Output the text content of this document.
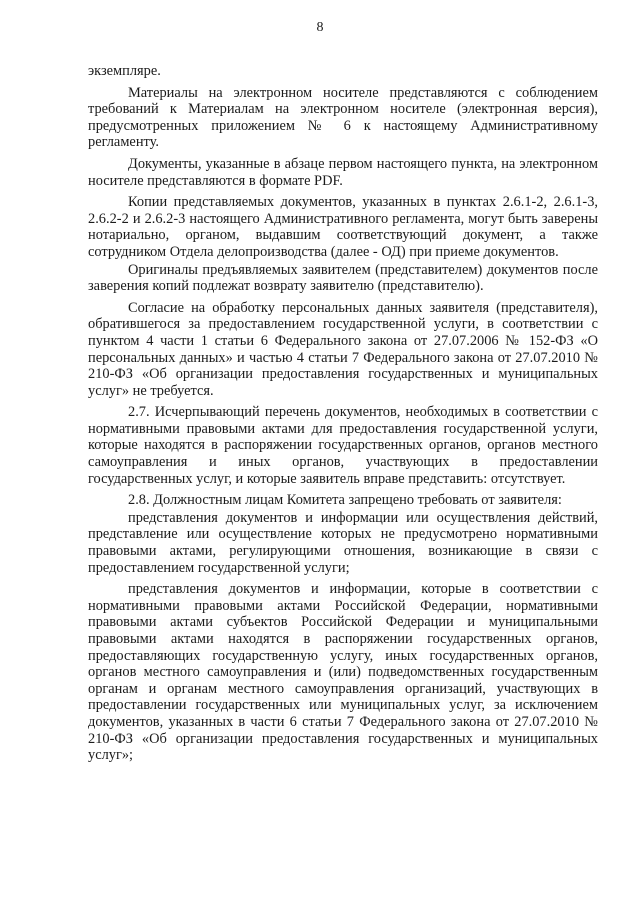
8

экземпляре.

Материалы на электронном носителе представляются с соблюдением требований к Материалам на электронном носителе (электронная версия), предусмотренных приложением № 6 к настоящему Административному регламенту.

Документы, указанные в абзаце первом настоящего пункта, на электронном носителе представляются в формате PDF.

Копии представляемых документов, указанных в пунктах 2.6.1-2, 2.6.1-3, 2.6.2-2 и 2.6.2-3 настоящего Административного регламента, могут быть заверены нотариально, органом, выдавшим соответствующий документ, а также сотрудником Отдела делопроизводства (далее - ОД) при приеме документов.

Оригиналы предъявляемых заявителем (представителем) документов после заверения копий подлежат возврату заявителю (представителю).

Согласие на обработку персональных данных заявителя (представителя), обратившегося за предоставлением государственной услуги, в соответствии с пунктом 4 части 1 статьи 6 Федерального закона от 27.07.2006 № 152-ФЗ «О персональных данных» и частью 4 статьи 7 Федерального закона от 27.07.2010 № 210-ФЗ «Об организации предоставления государственных и муниципальных услуг» не требуется.

2.7. Исчерпывающий перечень документов, необходимых в соответствии с нормативными правовыми актами для предоставления государственной услуги, которые находятся в распоряжении государственных органов, органов местного самоуправления и иных органов, участвующих в предоставлении государственных услуг, и которые заявитель вправе представить: отсутствует.

2.8. Должностным лицам Комитета запрещено требовать от заявителя:

представления документов и информации или осуществления действий, представление или осуществление которых не предусмотрено нормативными правовыми актами, регулирующими отношения, возникающие в связи с предоставлением государственной услуги;

представления документов и информации, которые в соответствии с нормативными правовыми актами Российской Федерации, нормативными правовыми актами субъектов Российской Федерации и муниципальными правовыми актами находятся в распоряжении государственных органов, предоставляющих государственную услугу, иных государственных органов, органов местного самоуправления и (или) подведомственных государственным органам и органам местного самоуправления организаций, участвующих в предоставлении государственных или муниципальных услуг, за исключением документов, указанных в части 6 статьи 7 Федерального закона от 27.07.2010 № 210-ФЗ «Об организации предоставления государственных и муниципальных услуг»;
